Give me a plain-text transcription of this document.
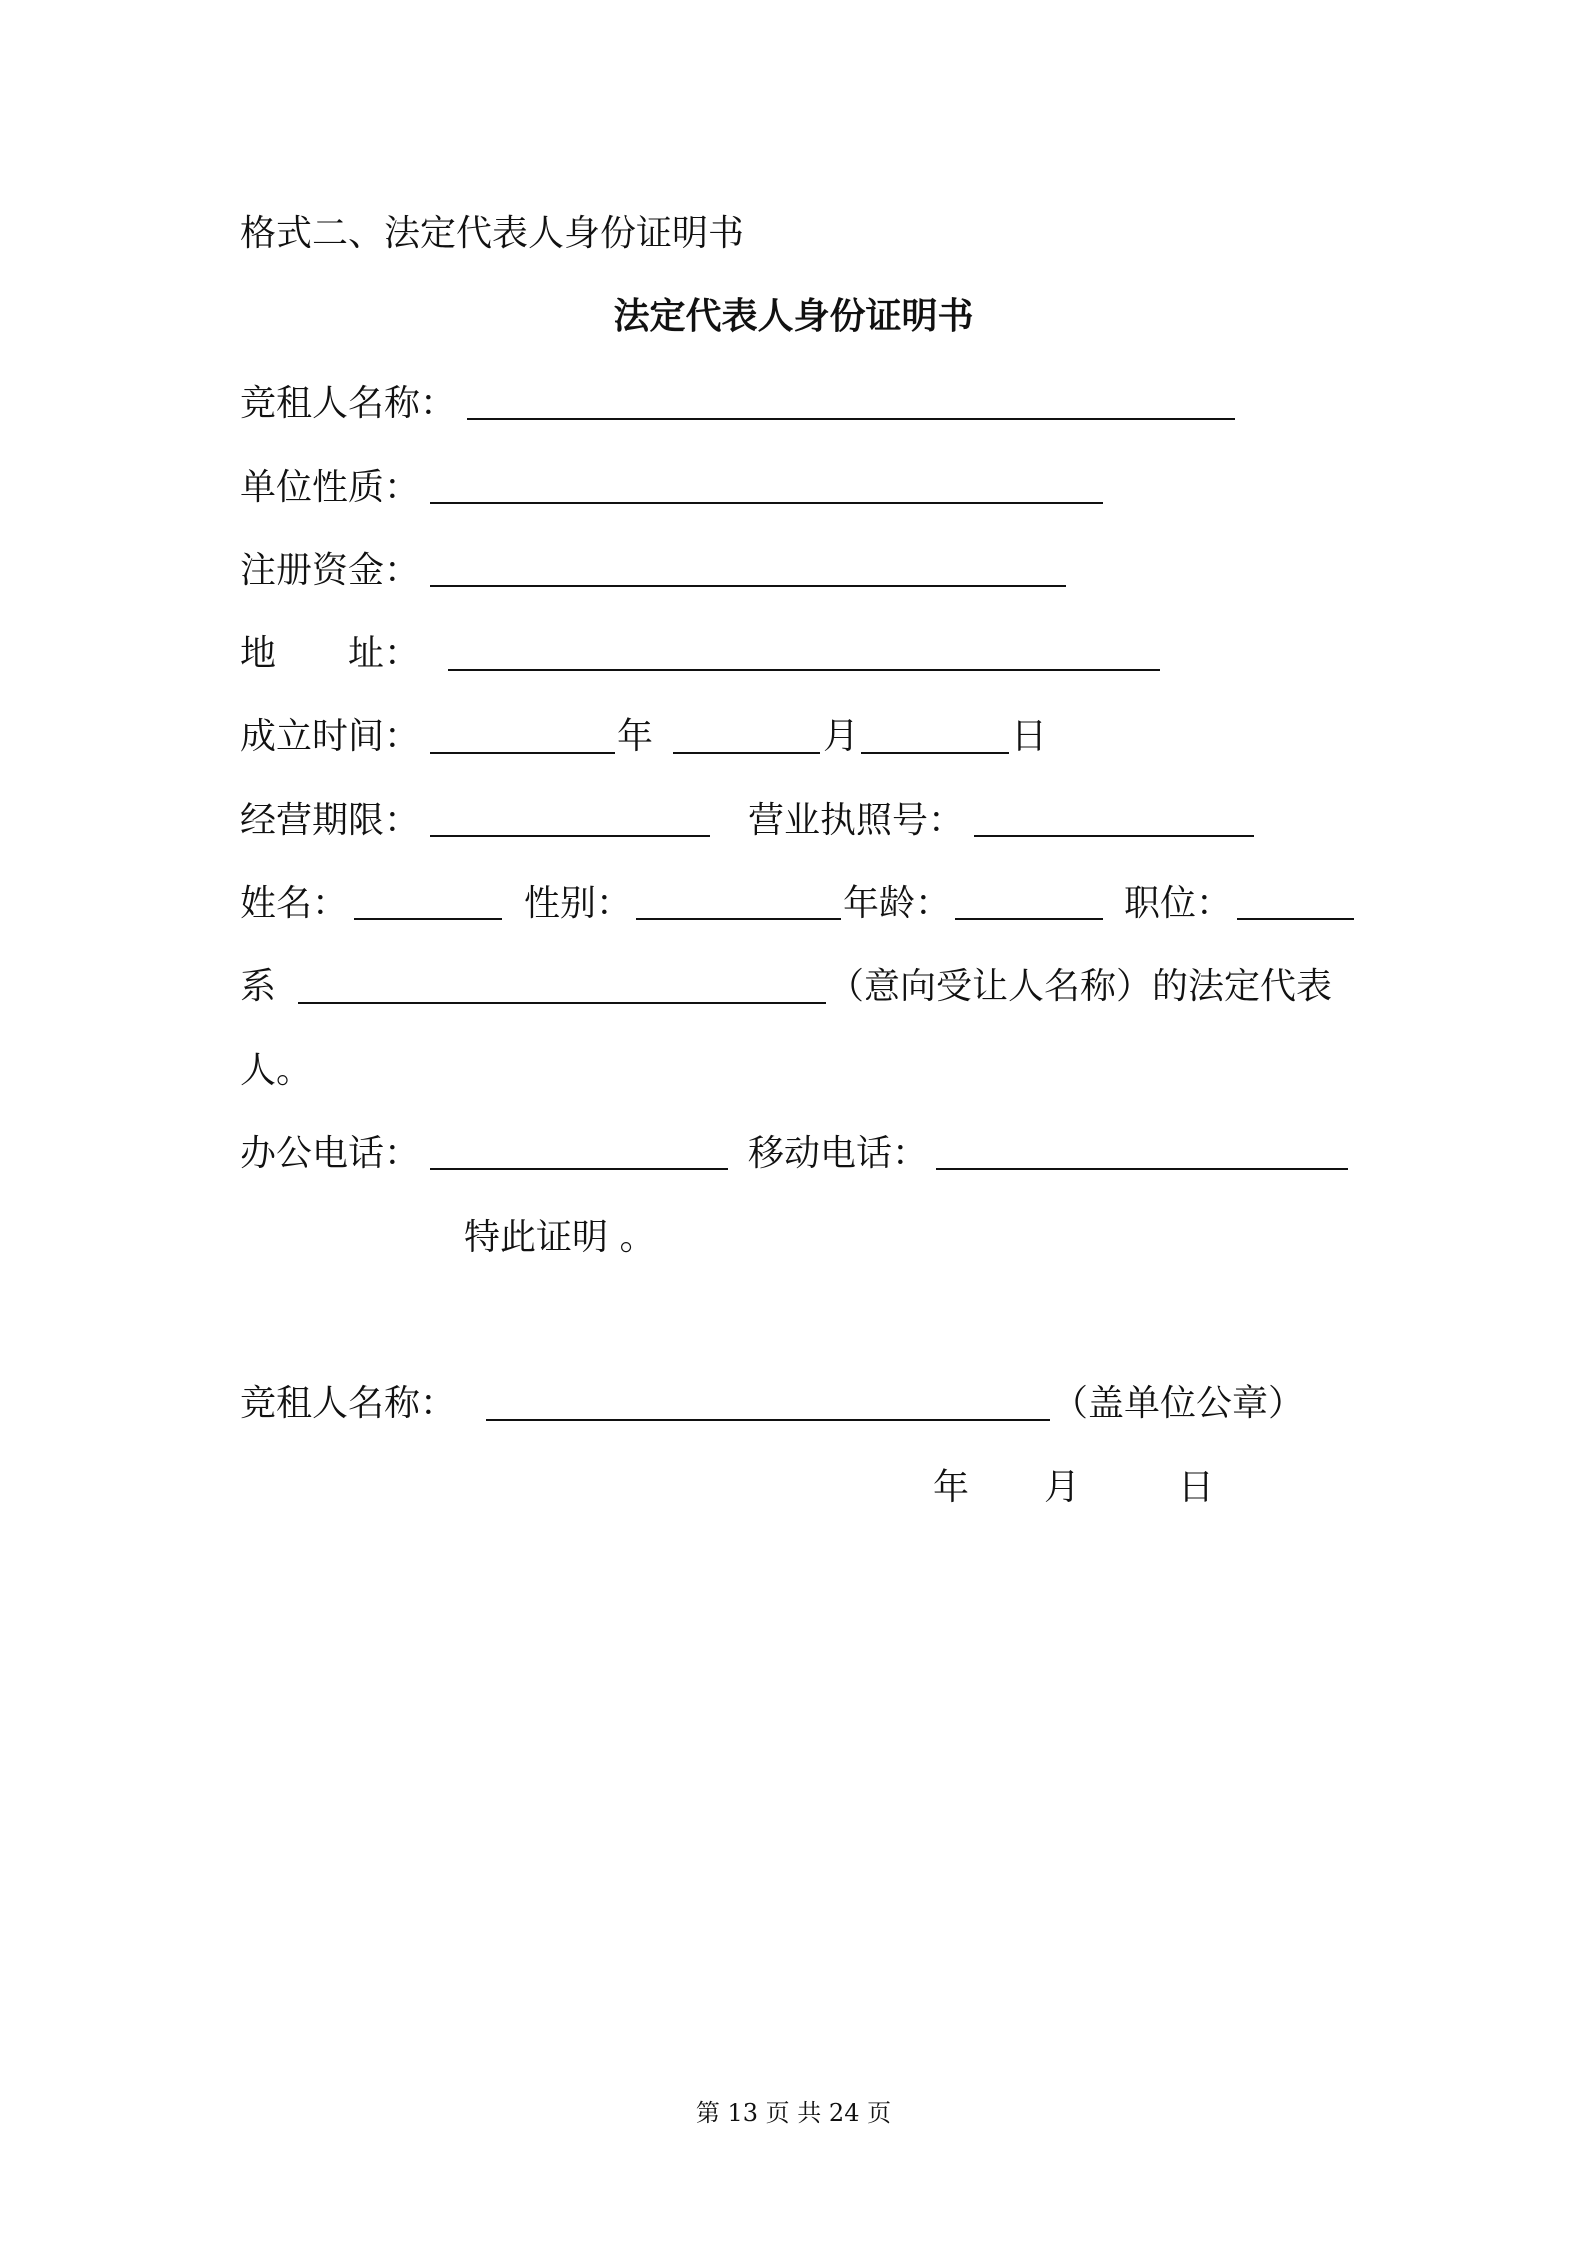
格式二、法定代表人身份证明书
法定代表人身份证明书
竞租人名称：
单位性质：
注册资金：
地　　址：
成立时间：	年	月	日
经营期限：	营业执照号：
姓名：	性别：	年龄：	职位：
系	（意向受让人名称）的法定代表
人。
办公电话：	移动电话：
特此证明 。
竞租人名称：	（盖单位公章）
年 月	日
第 13 页 共 24 页
